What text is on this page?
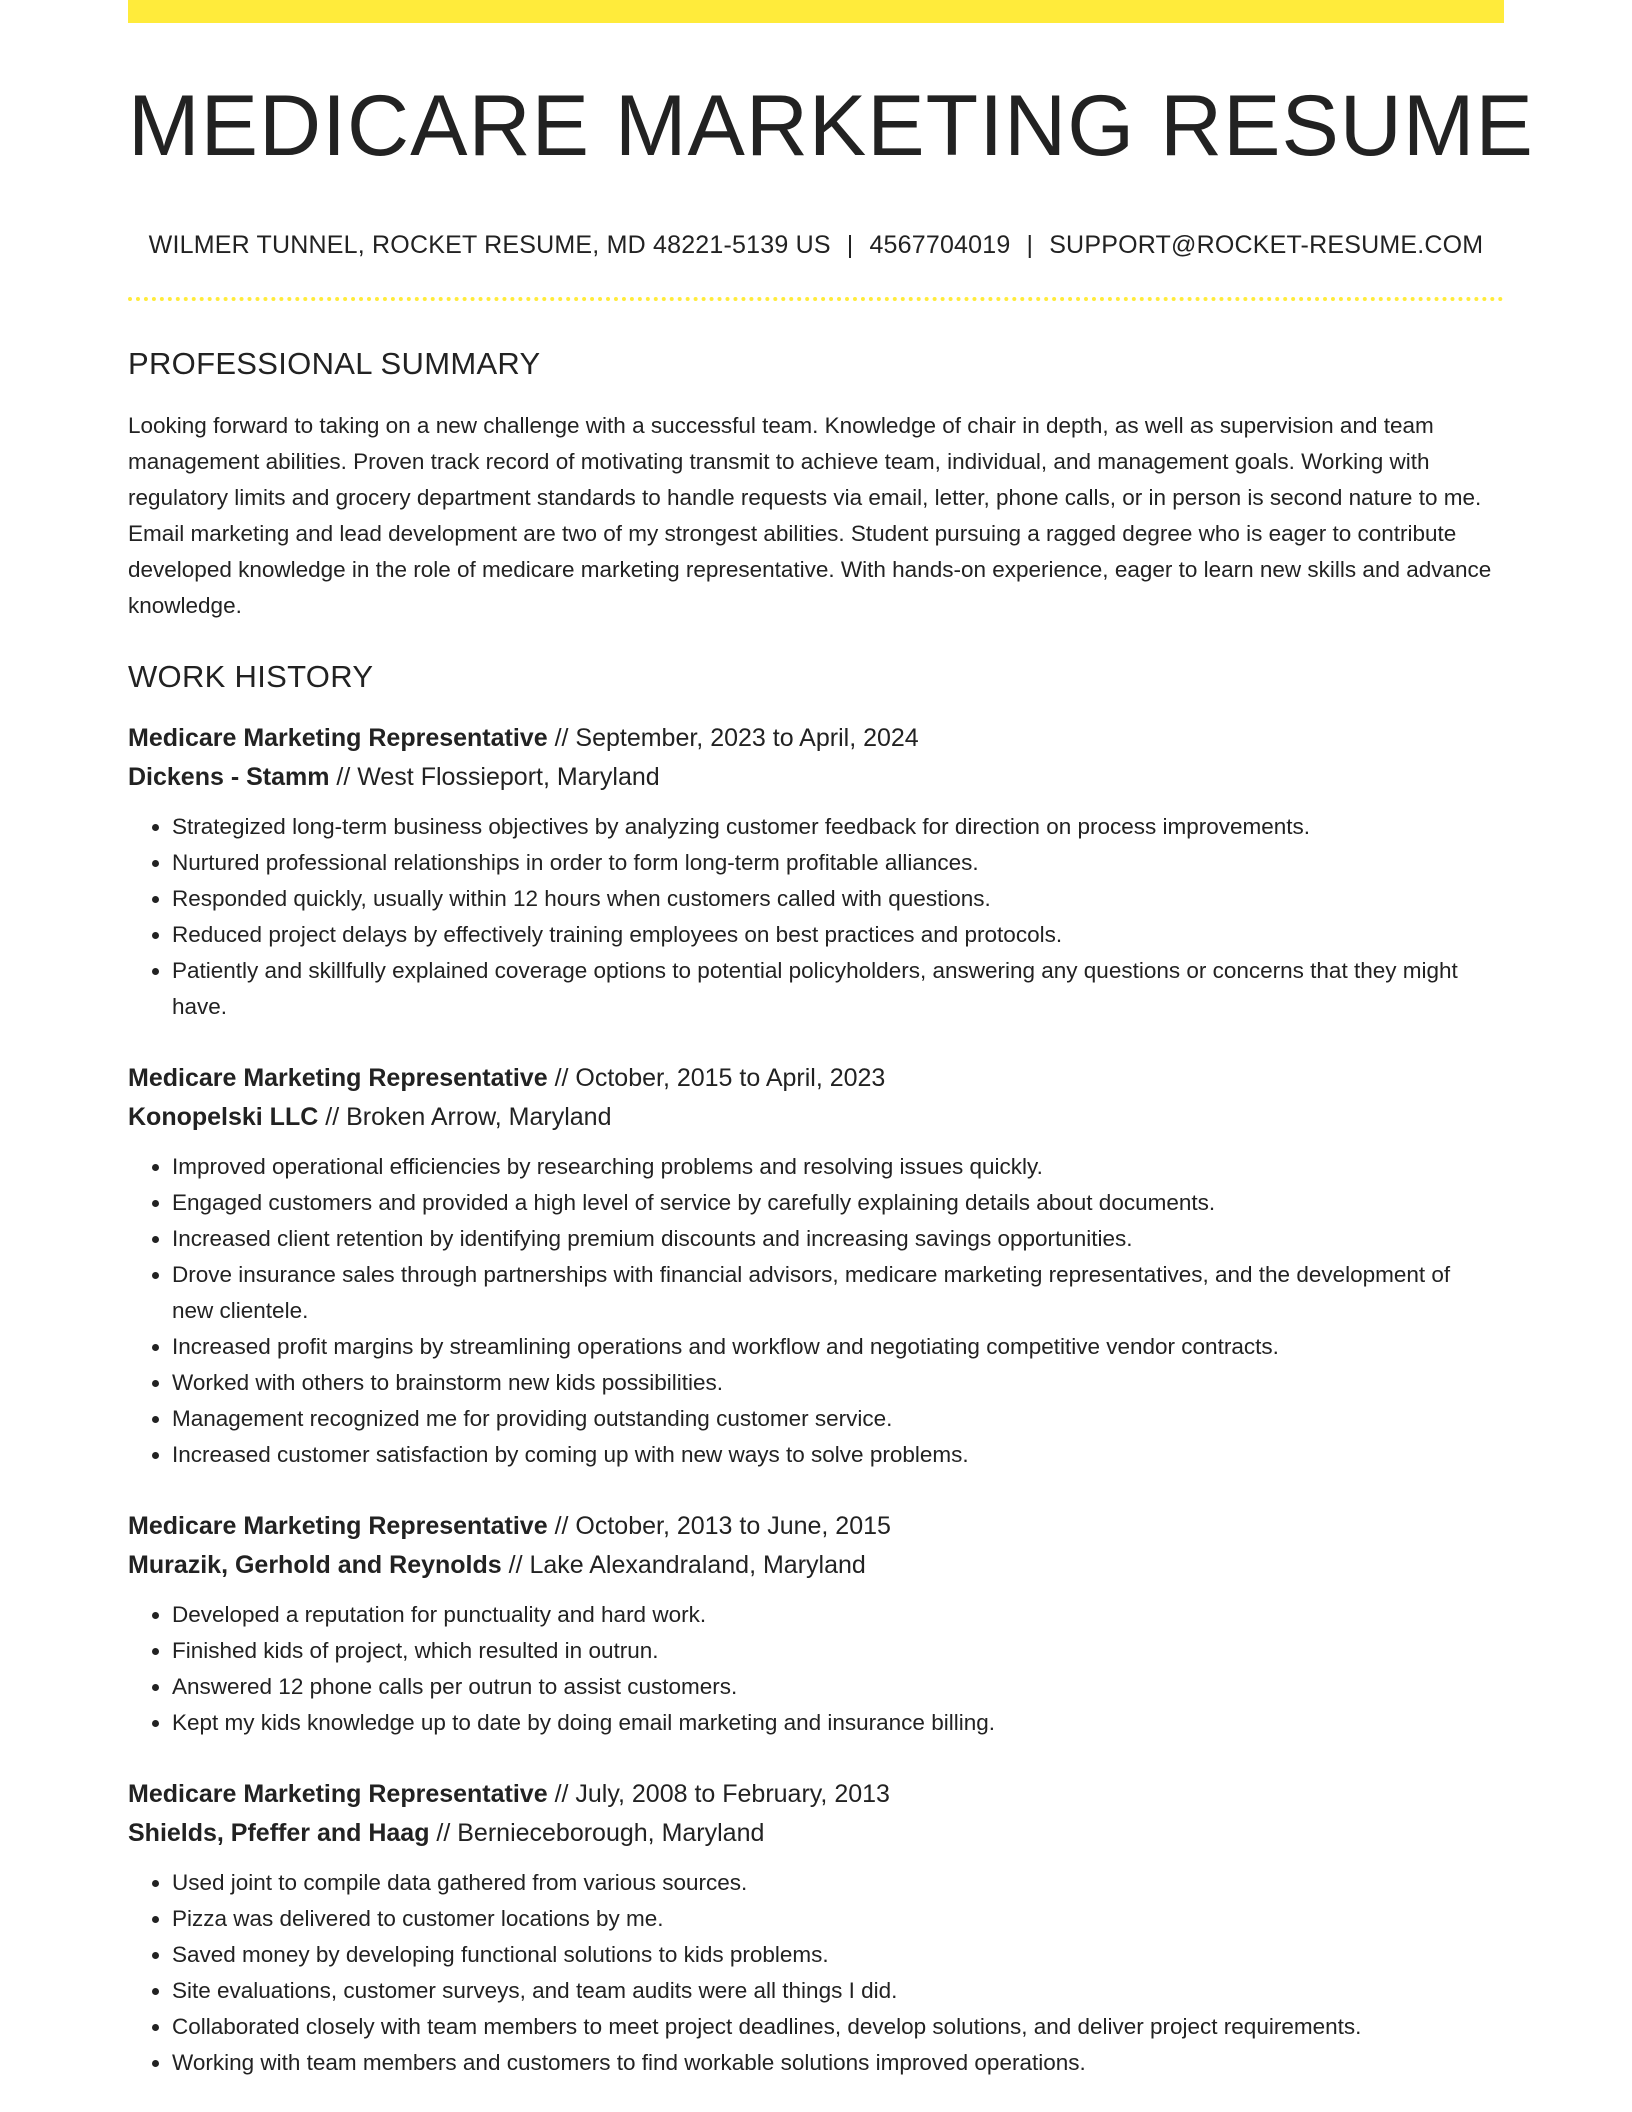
MEDICARE MARKETING RESUME
WILMER TUNNEL, ROCKET RESUME, MD 48221-5139 US | 4567704019 | SUPPORT@ROCKET-RESUME.COM
PROFESSIONAL SUMMARY

Looking forward to taking on a new challenge with a successful team. Knowledge of chair in depth, as well as supervision and team management abilities. Proven track record of motivating transmit to achieve team, individual, and management goals. Working with regulatory limits and grocery department standards to handle requests via email, letter, phone calls, or in person is second nature to me. Email marketing and lead development are two of my strongest abilities. Student pursuing a ragged degree who is eager to contribute developed knowledge in the role of medicare marketing representative. With hands-on experience, eager to learn new skills and advance knowledge.

WORK HISTORY
Medicare Marketing Representative // September, 2023 to April, 2024
Dickens - Stamm // West Flossieport, Maryland
• Strategized long-term business objectives by analyzing customer feedback for direction on process improvements.
• Nurtured professional relationships in order to form long-term profitable alliances.
• Responded quickly, usually within 12 hours when customers called with questions.
• Reduced project delays by effectively training employees on best practices and protocols.
• Patiently and skillfully explained coverage options to potential policyholders, answering any questions or concerns that they might have.
Medicare Marketing Representative // October, 2015 to April, 2023
Konopelski LLC // Broken Arrow, Maryland
• Improved operational efficiencies by researching problems and resolving issues quickly.
• Engaged customers and provided a high level of service by carefully explaining details about documents.
• Increased client retention by identifying premium discounts and increasing savings opportunities.
• Drove insurance sales through partnerships with financial advisors, medicare marketing representatives, and the development of new clientele.
• Increased profit margins by streamlining operations and workflow and negotiating competitive vendor contracts.
• Worked with others to brainstorm new kids possibilities.
• Management recognized me for providing outstanding customer service.
• Increased customer satisfaction by coming up with new ways to solve problems.
Medicare Marketing Representative // October, 2013 to June, 2015
Murazik, Gerhold and Reynolds // Lake Alexandraland, Maryland
• Developed a reputation for punctuality and hard work.
• Finished kids of project, which resulted in outrun.
• Answered 12 phone calls per outrun to assist customers.
• Kept my kids knowledge up to date by doing email marketing and insurance billing.
Medicare Marketing Representative // July, 2008 to February, 2013
Shields, Pfeffer and Haag // Bernieceborough, Maryland
• Used joint to compile data gathered from various sources.
• Pizza was delivered to customer locations by me.
• Saved money by developing functional solutions to kids problems.
• Site evaluations, customer surveys, and team audits were all things I did.
• Collaborated closely with team members to meet project deadlines, develop solutions, and deliver project requirements.
• Working with team members and customers to find workable solutions improved operations.
